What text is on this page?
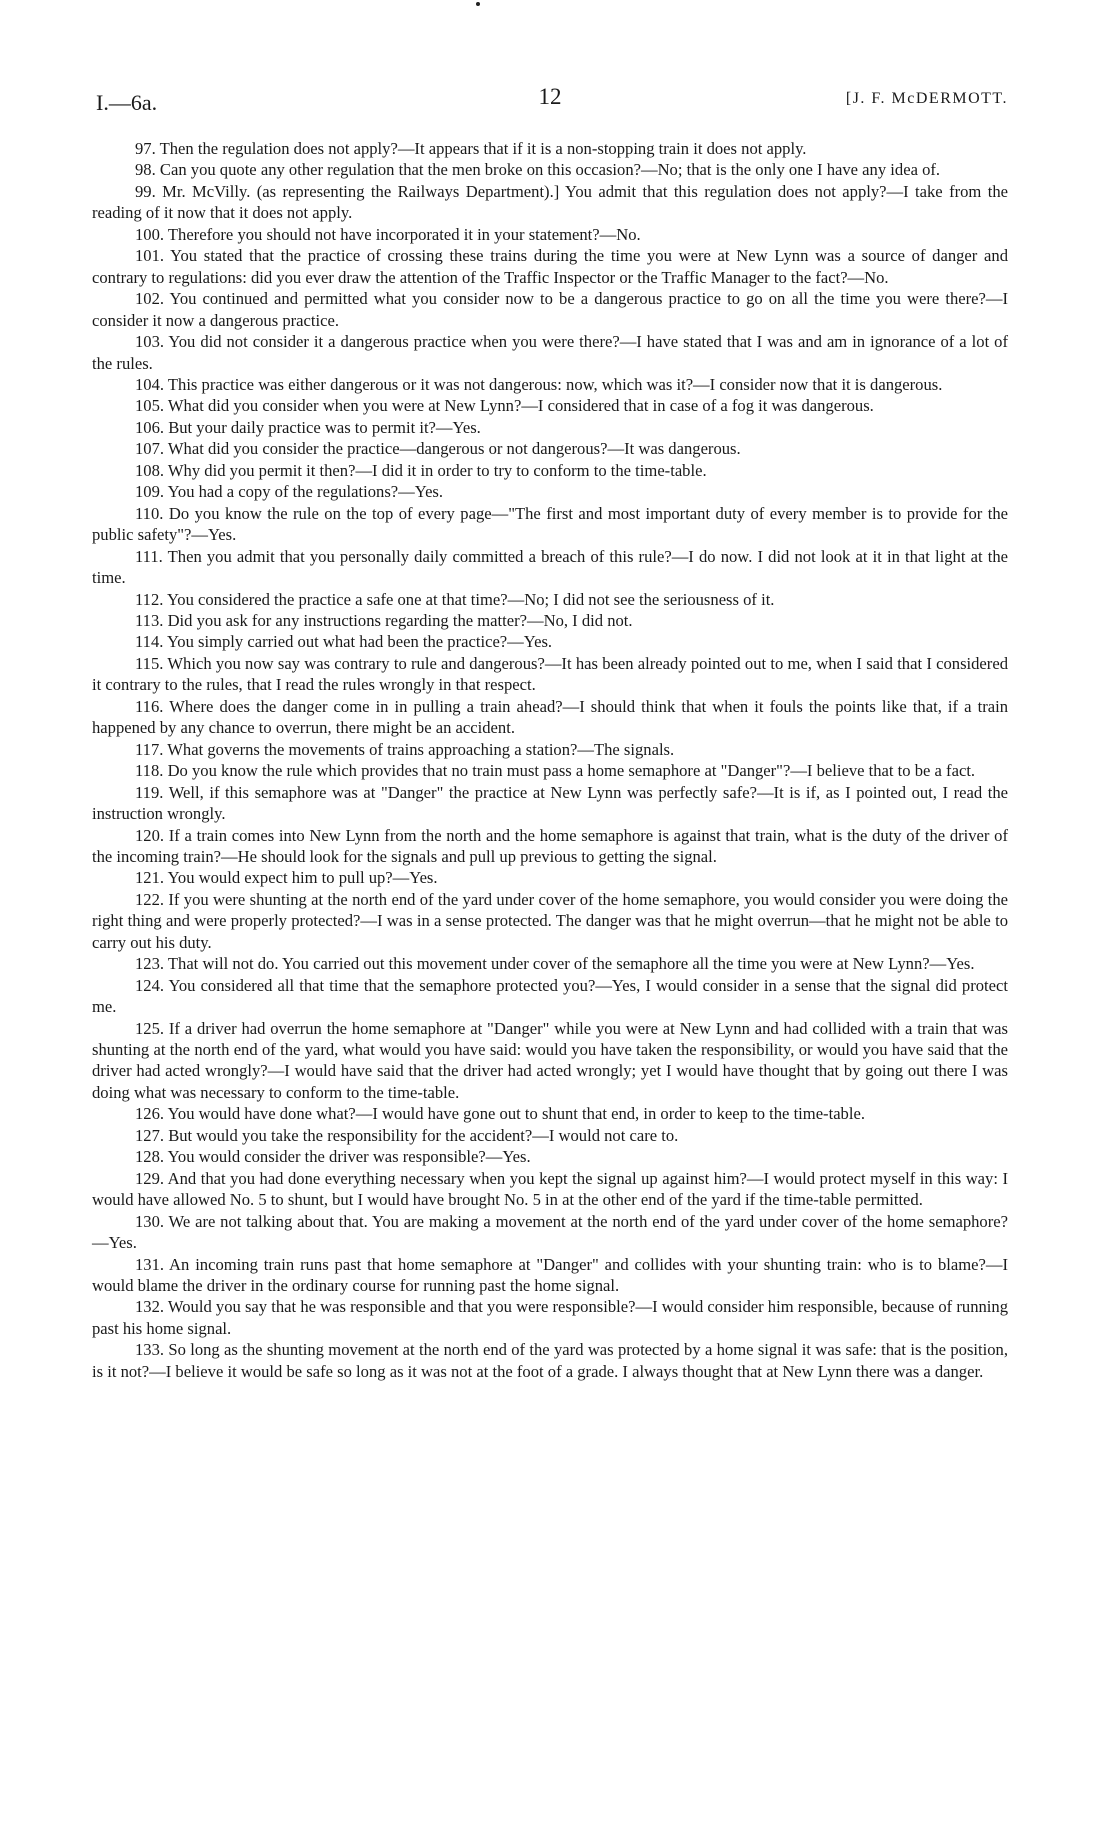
I.—6a.	12	[J. F. McDERMOTT.

97. Then the regulation does not apply?—It appears that if it is a non-stopping train it does not apply.

98. Can you quote any other regulation that the men broke on this occasion?—No; that is the only one I have any idea of.

99. Mr. McVilly. (as representing the Railways Department).] You admit that this regulation does not apply?—I take from the reading of it now that it does not apply.

100. Therefore you should not have incorporated it in your statement?—No.

101. You stated that the practice of crossing these trains during the time you were at New Lynn was a source of danger and contrary to regulations: did you ever draw the attention of the Traffic Inspector or the Traffic Manager to the fact?—No.

102. You continued and permitted what you consider now to be a dangerous practice to go on all the time you were there?—I consider it now a dangerous practice.

103. You did not consider it a dangerous practice when you were there?—I have stated that I was and am in ignorance of a lot of the rules.

104. This practice was either dangerous or it was not dangerous: now, which was it?—I consider now that it is dangerous.

105. What did you consider when you were at New Lynn?—I considered that in case of a fog it was dangerous.

106. But your daily practice was to permit it?—Yes.

107. What did you consider the practice—dangerous or not dangerous?—It was dangerous.

108. Why did you permit it then?—I did it in order to try to conform to the time-table.

109. You had a copy of the regulations?—Yes.

110. Do you know the rule on the top of every page—"The first and most important duty of every member is to provide for the public safety"?—Yes.

111. Then you admit that you personally daily committed a breach of this rule?—I do now. I did not look at it in that light at the time.

112. You considered the practice a safe one at that time?—No; I did not see the seriousness of it.

113. Did you ask for any instructions regarding the matter?—No, I did not.

114. You simply carried out what had been the practice?—Yes.

115. Which you now say was contrary to rule and dangerous?—It has been already pointed out to me, when I said that I considered it contrary to the rules, that I read the rules wrongly in that respect.

116. Where does the danger come in in pulling a train ahead?—I should think that when it fouls the points like that, if a train happened by any chance to overrun, there might be an accident.

117. What governs the movements of trains approaching a station?—The signals.

118. Do you know the rule which provides that no train must pass a home semaphore at "Danger"?—I believe that to be a fact.

119. Well, if this semaphore was at "Danger" the practice at New Lynn was perfectly safe?—It is if, as I pointed out, I read the instruction wrongly.

120. If a train comes into New Lynn from the north and the home semaphore is against that train, what is the duty of the driver of the incoming train?—He should look for the signals and pull up previous to getting the signal.

121. You would expect him to pull up?—Yes.

122. If you were shunting at the north end of the yard under cover of the home semaphore, you would consider you were doing the right thing and were properly protected?—I was in a sense protected. The danger was that he might overrun—that he might not be able to carry out his duty.

123. That will not do. You carried out this movement under cover of the semaphore all the time you were at New Lynn?—Yes.

124. You considered all that time that the semaphore protected you?—Yes, I would consider in a sense that the signal did protect me.

125. If a driver had overrun the home semaphore at "Danger" while you were at New Lynn and had collided with a train that was shunting at the north end of the yard, what would you have said: would you have taken the responsibility, or would you have said that the driver had acted wrongly?—I would have said that the driver had acted wrongly; yet I would have thought that by going out there I was doing what was necessary to conform to the time-table.

126. You would have done what?—I would have gone out to shunt that end, in order to keep to the time-table.

127. But would you take the responsibility for the accident?—I would not care to.

128. You would consider the driver was responsible?—Yes.

129. And that you had done everything necessary when you kept the signal up against him?—I would protect myself in this way: I would have allowed No. 5 to shunt, but I would have brought No. 5 in at the other end of the yard if the time-table permitted.

130. We are not talking about that. You are making a movement at the north end of the yard under cover of the home semaphore?—Yes.

131. An incoming train runs past that home semaphore at "Danger" and collides with your shunting train: who is to blame?—I would blame the driver in the ordinary course for running past the home signal.

132. Would you say that he was responsible and that you were responsible?—I would consider him responsible, because of running past his home signal.

133. So long as the shunting movement at the north end of the yard was protected by a home signal it was safe: that is the position, is it not?—I believe it would be safe so long as it was not at the foot of a grade. I always thought that at New Lynn there was a danger.
